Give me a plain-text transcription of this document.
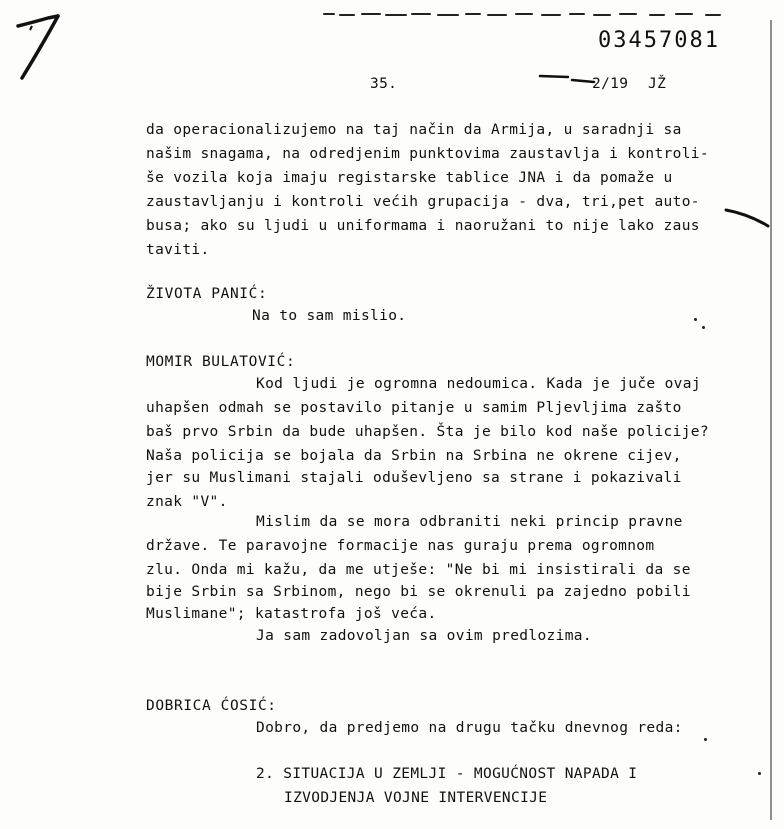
03457081
35.	2/19 JŽ
da operacionalizujemo na taj način da Armija, u saradnji sa
našim snagama, na odredjenim punktovima zaustavlja i kontroli-
še vozila koja imaju registarske tablice JNA i da pomaže u
zaustavljanju i kontroli većih grupacija - dva, tri,pet auto-
busa; ako su ljudi u uniformama i naoružani to nije lako zaus
taviti.
ŽIVOTA PANIĆ:
Na to sam mislio.
MOMIR BULATOVIĆ:
Kod ljudi je ogromna nedoumica. Kada je juče ovaj
uhapšen odmah se postavilo pitanje u samim Pljevljima zašto
baš prvo Srbin da bude uhapšen. Šta je bilo kod naše policije?
Naša policija se bojala da Srbin na Srbina ne okrene cijev,
jer su Muslimani stajali oduševljeno sa strane i pokazivali
znak "V".
Mislim da se mora odbraniti neki princip pravne
države. Te paravojne formacije nas guraju prema ogromnom
zlu. Onda mi kažu, da me utješe: "Ne bi mi insistirali da se
bije Srbin sa Srbinom, nego bi se okrenuli pa zajedno pobili
Muslimane"; katastrofa još veća.
Ja sam zadovoljan sa ovim predlozima.
DOBRICA ĆOSIĆ:
Dobro, da predjemo na drugu tačku dnevnog reda:
2. SITUACIJA U ZEMLJI - MOGUĆNOST NAPADA I
IZVODJENJA VOJNE INTERVENCIJE
